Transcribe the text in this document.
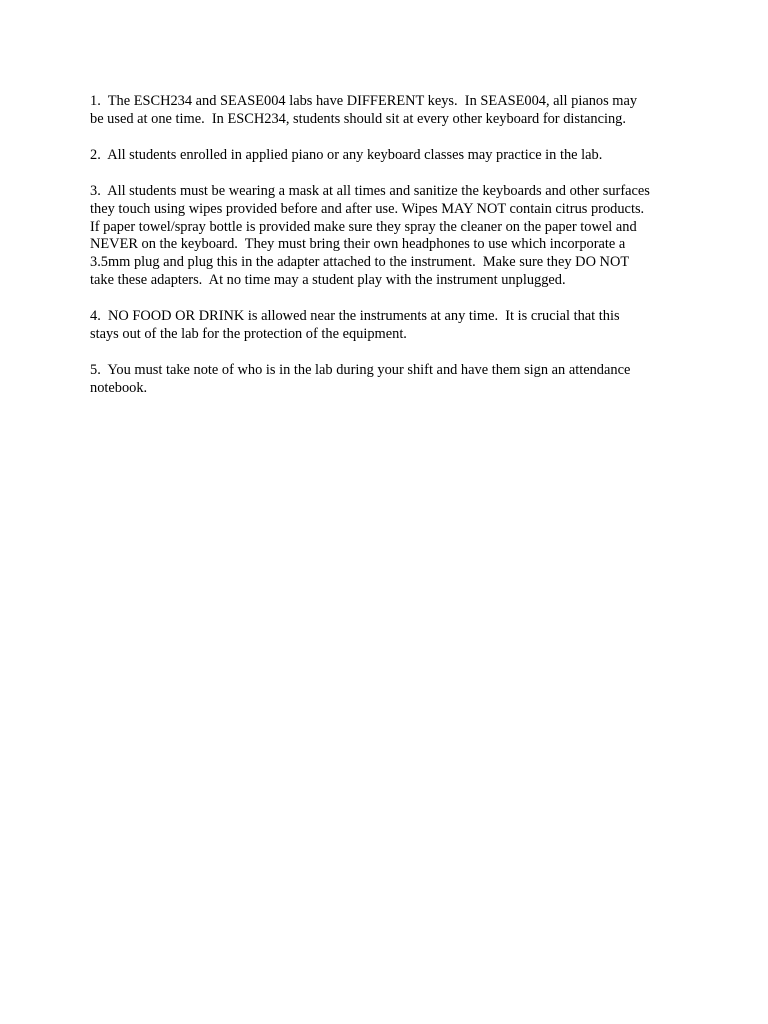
1.  The ESCH234 and SEASE004 labs have DIFFERENT keys.  In SEASE004, all pianos may
be used at one time.  In ESCH234, students should sit at every other keyboard for distancing.
2.  All students enrolled in applied piano or any keyboard classes may practice in the lab.
3.  All students must be wearing a mask at all times and sanitize the keyboards and other surfaces
they touch using wipes provided before and after use. Wipes MAY NOT contain citrus products.
If paper towel/spray bottle is provided make sure they spray the cleaner on the paper towel and
NEVER on the keyboard.  They must bring their own headphones to use which incorporate a
3.5mm plug and plug this in the adapter attached to the instrument.  Make sure they DO NOT
take these adapters.  At no time may a student play with the instrument unplugged.
4.  NO FOOD OR DRINK is allowed near the instruments at any time.  It is crucial that this
stays out of the lab for the protection of the equipment.
5.  You must take note of who is in the lab during your shift and have them sign an attendance
notebook.
